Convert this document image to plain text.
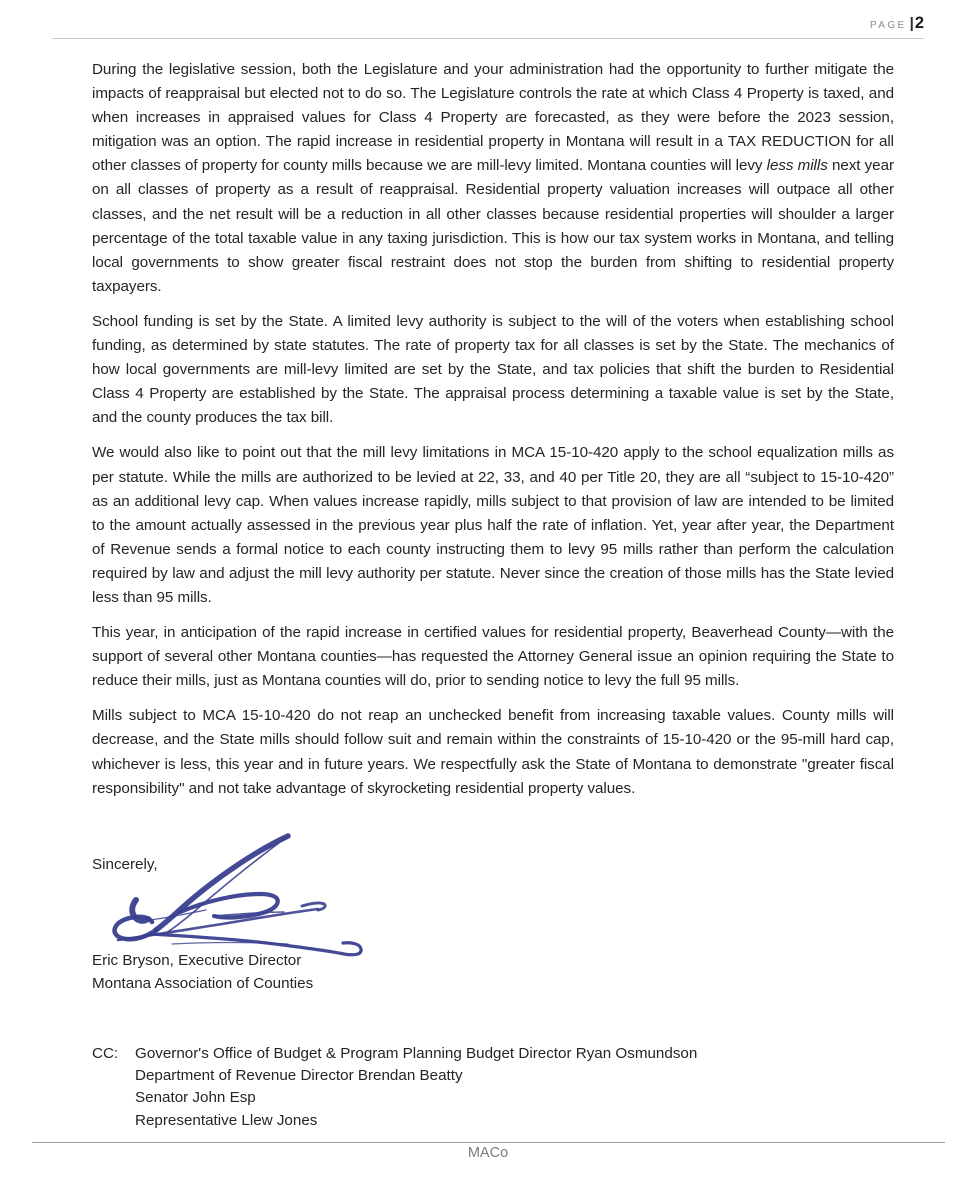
page | 2

During the legislative session, both the Legislature and your administration had the opportunity to further mitigate the impacts of reappraisal but elected not to do so. The Legislature controls the rate at which Class 4 Property is taxed, and when increases in appraised values for Class 4 Property are forecasted, as they were before the 2023 session, mitigation was an option. The rapid increase in residential property in Montana will result in a TAX REDUCTION for all other classes of property for county mills because we are mill-levy limited. Montana counties will levy less mills next year on all classes of property as a result of reappraisal. Residential property valuation increases will outpace all other classes, and the net result will be a reduction in all other classes because residential properties will shoulder a larger percentage of the total taxable value in any taxing jurisdiction. This is how our tax system works in Montana, and telling local governments to show greater fiscal restraint does not stop the burden from shifting to residential property taxpayers.

School funding is set by the State. A limited levy authority is subject to the will of the voters when establishing school funding, as determined by state statutes. The rate of property tax for all classes is set by the State. The mechanics of how local governments are mill-levy limited are set by the State, and tax policies that shift the burden to Residential Class 4 Property are established by the State. The appraisal process determining a taxable value is set by the State, and the county produces the tax bill.

We would also like to point out that the mill levy limitations in MCA 15-10-420 apply to the school equalization mills as per statute. While the mills are authorized to be levied at 22, 33, and 40 per Title 20, they are all “subject to 15-10-420” as an additional levy cap. When values increase rapidly, mills subject to that provision of law are intended to be limited to the amount actually assessed in the previous year plus half the rate of inflation. Yet, year after year, the Department of Revenue sends a formal notice to each county instructing them to levy 95 mills rather than perform the calculation required by law and adjust the mill levy authority per statute. Never since the creation of those mills has the State levied less than 95 mills.

This year, in anticipation of the rapid increase in certified values for residential property, Beaverhead County—with the support of several other Montana counties—has requested the Attorney General issue an opinion requiring the State to reduce their mills, just as Montana counties will do, prior to sending notice to levy the full 95 mills.

Mills subject to MCA 15-10-420 do not reap an unchecked benefit from increasing taxable values. County mills will decrease, and the State mills should follow suit and remain within the constraints of 15-10-420 or the 95-mill hard cap, whichever is less, this year and in future years. We respectfully ask the State of Montana to demonstrate "greater fiscal responsibility" and not take advantage of skyrocketing residential property values.

Sincerely,
Eric Bryson, Executive Director
Montana Association of Counties
CC:	Governor's Office of Budget & Program Planning Budget Director Ryan Osmundson
Department of Revenue Director Brendan Beatty
Senator John Esp
Representative Llew Jones
MACo
